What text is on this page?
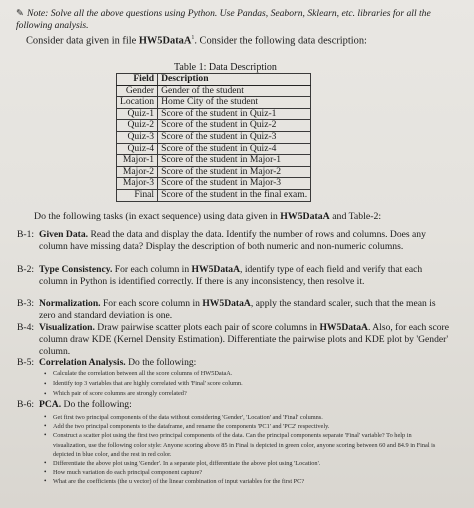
✎ Note: Solve all the above questions using Python. Use Pandas, Seaborn, Sklearn, etc. libraries for all the following analysis.
Consider data given in file HW5DataA$^1$. Consider the following data description:
Table 1: Data Description
Field	Description
Gender	Gender of the student
Location	Home City of the student
Quiz-1	Score of the student in Quiz-1
Quiz-2	Score of the student in Quiz-2
Quiz-3	Score of the student in Quiz-3
Quiz-4	Score of the student in Quiz-4
Major-1	Score of the student in Major-1
Major-2	Score of the student in Major-2
Major-3	Score of the student in Major-3
Final	Score of the student in the final exam.
Do the following tasks (in exact sequence) using data given in HW5DataA and Table-2:
B-1: Given Data. Read the data and display the data. Identify the number of rows and columns. Does any column have missing data? Display the description of both numeric and non-numeric columns.
B-2: Type Consistency. For each column in HW5DataA, identify type of each field and verify that each column in Python is identified correctly. If there is any inconsistency, then resolve it.
B-3: Normalization. For each score column in HW5DataA, apply the standard scaler, such that the mean is zero and standard deviation is one.
B-4: Visualization. Draw pairwise scatter plots each pair of score columns in HW5DataA. Also, for each score column draw KDE (Kernel Density Estimation). Differentiate the pairwise plots and KDE plot by 'Gender' column.
B-5: Correlation Analysis. Do the following:
• Calculate the correlation between all the score columns of HW5DataA.
• Identify top 3 variables that are highly correlated with 'Final' score column.
• Which pair of score columns are strongly correlated?
B-6: PCA. Do the following:
• Get first two principal components of the data without considering 'Gender', 'Location' and 'Final' columns.
• Add the two principal components to the dataframe, and rename the components 'PC1' and 'PC2' respectively.
• Construct a scatter plot using the first two principal components of the data. Can the principal components separate 'Final' variable? To help in visualization, use the following color style: Anyone scoring above 85 in Final is depicted in green color, anyone scoring between 60 and 84.9 in Final is depicted in blue color, and the rest in red color.
• Differentiate the above plot using 'Gender'. In a separate plot, differentiate the above plot using 'Location'.
• How much variation do each principal component capture?
• What are the coefficients (the u vector) of the linear combination of input variables for the first PC?
